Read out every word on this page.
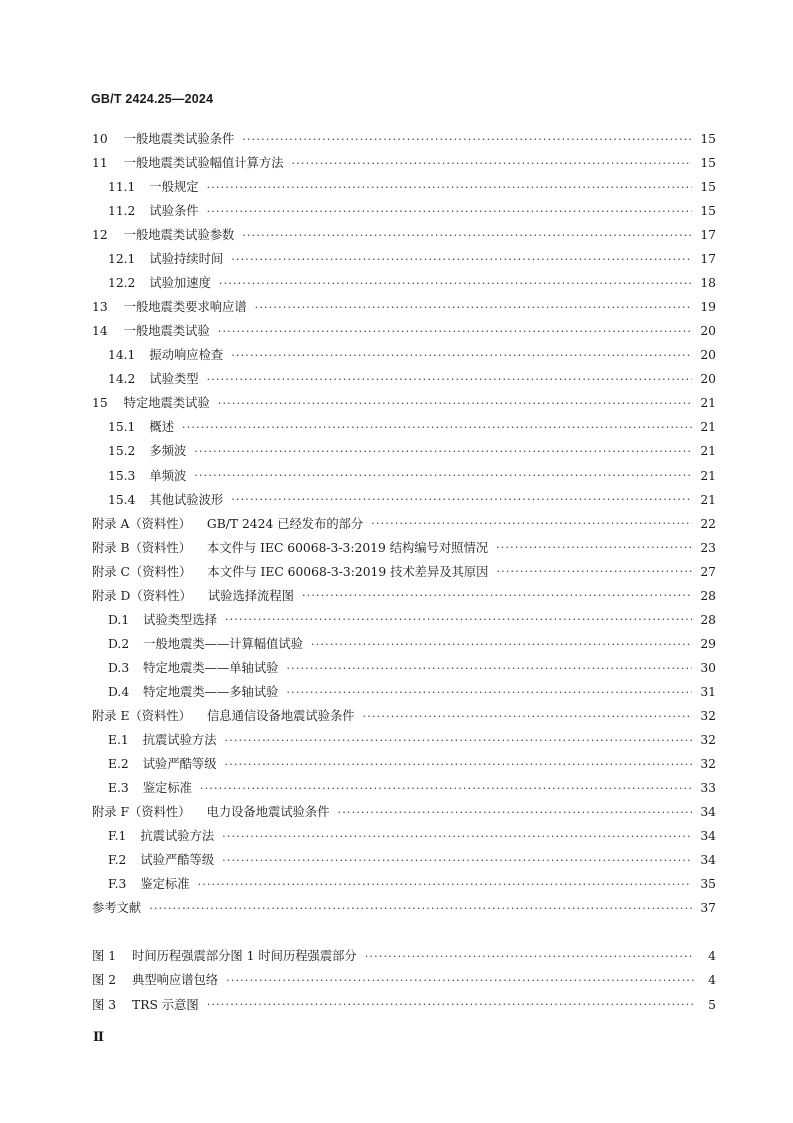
GB/T 2424.25—2024
10 一般地震类试验条件 ·····	15
11 一般地震类试验幅值计算方法 ·····	15
11.1 一般规定 ·····	15
11.2 试验条件 ·····	15
12 一般地震类试验参数 ·····	17
12.1 试验持续时间 ·····	17
12.2 试验加速度 ·····	18
13 一般地震类要求响应谱 ·····	19
14 一般地震类试验 ·····	20
14.1 振动响应检查 ·····	20
14.2 试验类型 ·····	20
15 特定地震类试验 ·····	21
15.1 概述 ·····	21
15.2 多频波 ·····	21
15.3 单频波 ·····	21
15.4 其他试验波形 ·····	21
附录 A（资料性） GB/T 2424 已经发布的部分 ·····	22
附录 B（资料性） 本文件与 IEC 60068-3-3:2019 结构编号对照情况 ·····	23
附录 C（资料性） 本文件与 IEC 60068-3-3:2019 技术差异及其原因 ·····	27
附录 D（资料性） 试验选择流程图 ·····	28
D.1 试验类型选择 ·····	28
D.2 一般地震类——计算幅值试验 ·····	29
D.3 特定地震类——单轴试验 ·····	30
D.4 特定地震类——多轴试验 ·····	31
附录 E（资料性） 信息通信设备地震试验条件 ·····	32
E.1 抗震试验方法 ·····	32
E.2 试验严酷等级 ·····	32
E.3 鉴定标准 ·····	33
附录 F（资料性） 电力设备地震试验条件 ·····	34
F.1 抗震试验方法 ·····	34
F.2 试验严酷等级 ·····	34
F.3 鉴定标准 ·····	35
参考文献 ·····	37
图 1 时间历程强震部分图 1 时间历程强震部分 ·····	4
图 2 典型响应谱包络 ·····	4
图 3 TRS 示意图 ·····	5
Ⅱ
